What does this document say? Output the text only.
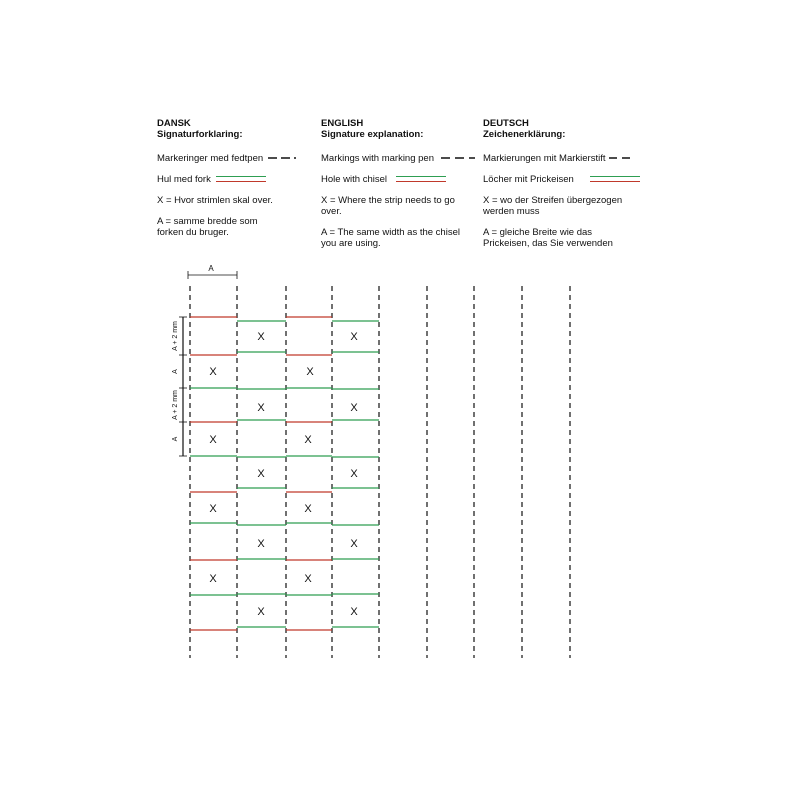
DANSK
Signaturforklaring:
Markeringer med fedtpen
Hul med fork
X = Hvor strimlen skal over.
A = samme bredde som forken du bruger.
ENGLISH
Signature explanation:
Markings with marking pen
Hole with chisel
X = Where the strip needs to go over.
A = The same width as the chisel you are using.
DEUTSCH
Zeichenerklärung:
Markierungen mit Markierstift
Löcher mit Prickeisen
X = wo der Streifen übergezogen werden muss
A = gleiche Breite wie das Prickeisen, das Sie verwenden
A
A + 2 mm
A
A + 2 mm
A
X
X
X
X
X
X
X
X
X
X
X
X
X
X
X
X
X
X
